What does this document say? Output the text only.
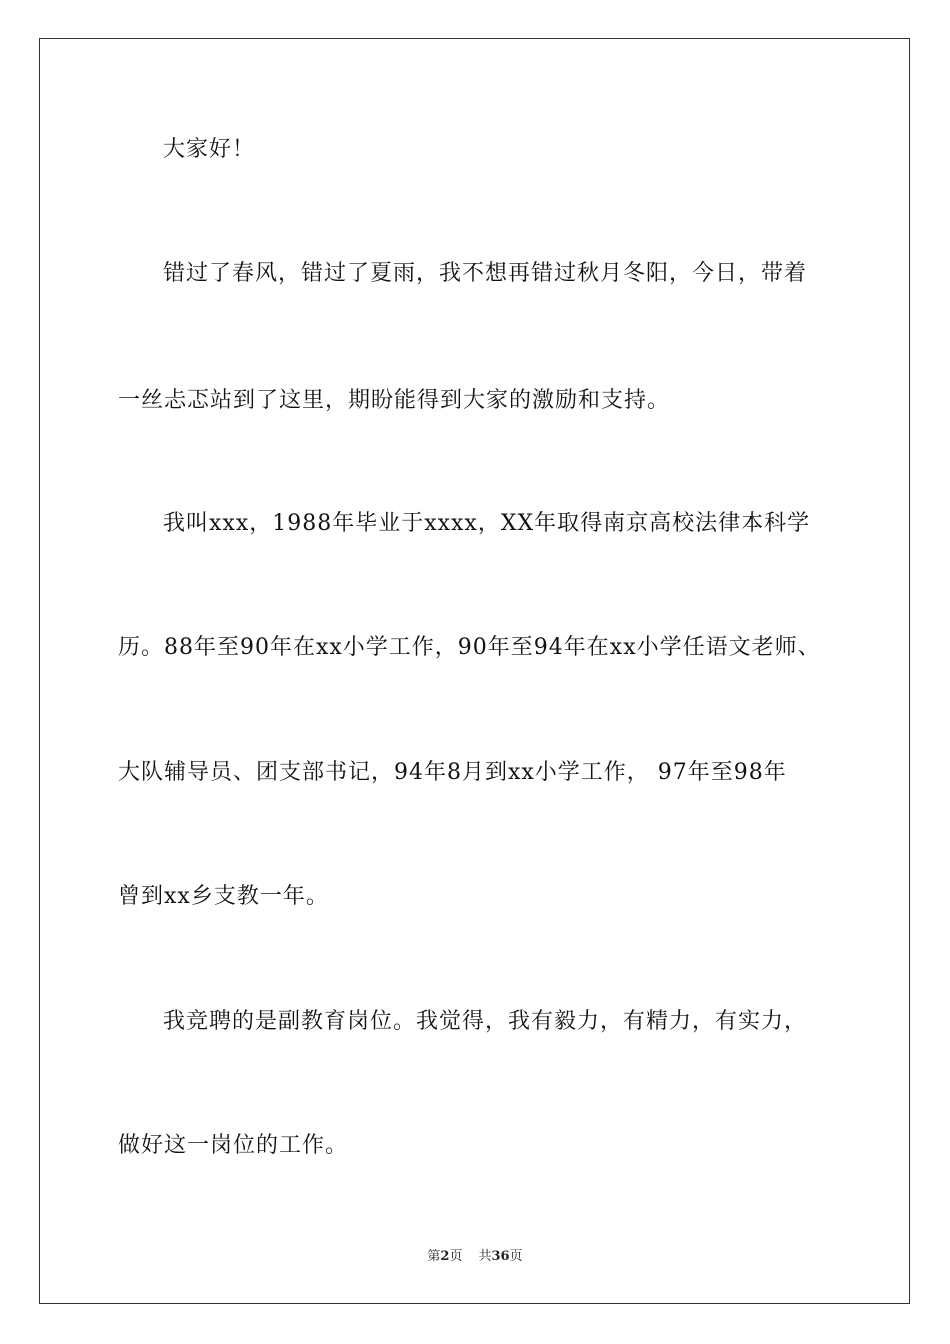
大家好！
错过了春风，错过了夏雨，我不想再错过秋月冬阳，今日，带着
一丝忐忑站到了这里，期盼能得到大家的激励和支持。
我叫xxx，1988年毕业于xxxx，XX年取得南京高校法律本科学
历。88年至90年在xx小学工作，90年至94年在xx小学任语文老师、
大队辅导员、团支部书记，94年8月到xx小学工作， 97年至98年
曾到xx乡支教一年。
我竞聘的是副教育岗位。我觉得，我有毅力，有精力，有实力，
做好这一岗位的工作。
第2页 共36页
